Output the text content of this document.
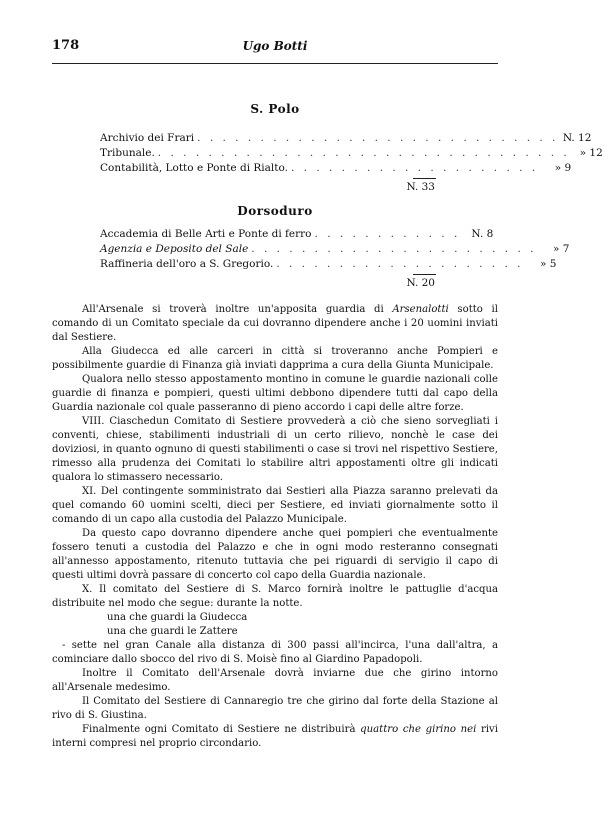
178	Ugo Botti
S. Polo
Archivio dei Frari . . . . . . . . . . . . . . . . . . . . . . . . . . . . . N. 12
Tribunale. . . . . . . . . . . . . . . . . . . . . . . . . . . . . . . . . . » 12
Contabilità, Lotto e Ponte di Rialto. . . . . . . . . . . . . . . . . . . . .	» 9
N. 33
Dorsoduro
Accademia di Belle Arti e Ponte di ferro . . . . . . . . . . . .	N. 8
Agenzia e Deposito del Sale . . . . . . . . . . . . . . . . . . . . . . .	» 7
Raffineria dell'oro a S. Gregorio. . . . . . . . . . . . . . . . . . . . .	» 5
N. 20

All'Arsenale si troverà inoltre un'apposita guardia di Arsenalotti sotto il comando di un Comitato speciale da cui dovranno dipendere anche i 20 uomini inviati dal Sestiere.

Alla Giudecca ed alle carceri in città si troveranno anche Pompieri e possibilmente guardie di Finanza già inviati dapprima a cura della Giunta Municipale.

Qualora nello stesso appostamento montino in comune le guardie nazionali colle guardie di finanza e pompieri, questi ultimi debbono dipendere tutti dal capo della Guardia nazionale col quale passeranno di pieno accordo i capi delle altre forze.

VIII. Ciaschedun Comitato di Sestiere provvederà a ciò che sieno sorvegliati i conventi, chiese, stabilimenti industriali di un certo rilievo, nonchè le case dei doviziosi, in quanto ognuno di questi stabilimenti o case si trovi nel rispettivo Sestiere, rimesso alla prudenza dei Comitati lo stabilire altri appostamenti oltre gli indicati qualora lo stimassero necessario.

XI. Del contingente somministrato dai Sestieri alla Piazza saranno prelevati da quel comando 60 uomini scelti, dieci per Sestiere, ed inviati giornalmente sotto il comando di un capo alla custodia del Palazzo Municipale.

Da questo capo dovranno dipendere anche quei pompieri che eventualmente fossero tenuti a custodia del Palazzo e che in ogni modo resteranno consegnati all'annesso appostamento, ritenuto tuttavia che pei riguardi di servigio il capo di questi ultimi dovrà passare di concerto col capo della Guardia nazionale.

X. Il comitato del Sestiere di S. Marco fornirà inoltre le pattuglie d'acqua distribuite nel modo che segue: durante la notte.

una che guardi la Giudecca

una che guardi le Zattere

- sette nel gran Canale alla distanza di 300 passi all'incirca, l'una dall'altra, a cominciare dallo sbocco del rivo di S. Moisè fino al Giardino Papadopoli.

Inoltre il Comitato dell'Arsenale dovrà inviarne due che girino intorno all'Arsenale medesimo.

Il Comitato del Sestiere di Cannaregio tre che girino dal forte della Stazione al rivo di S. Giustina.

Finalmente ogni Comitato di Sestiere ne distribuirà quattro che girino nei rivi interni compresi nel proprio circondario.
